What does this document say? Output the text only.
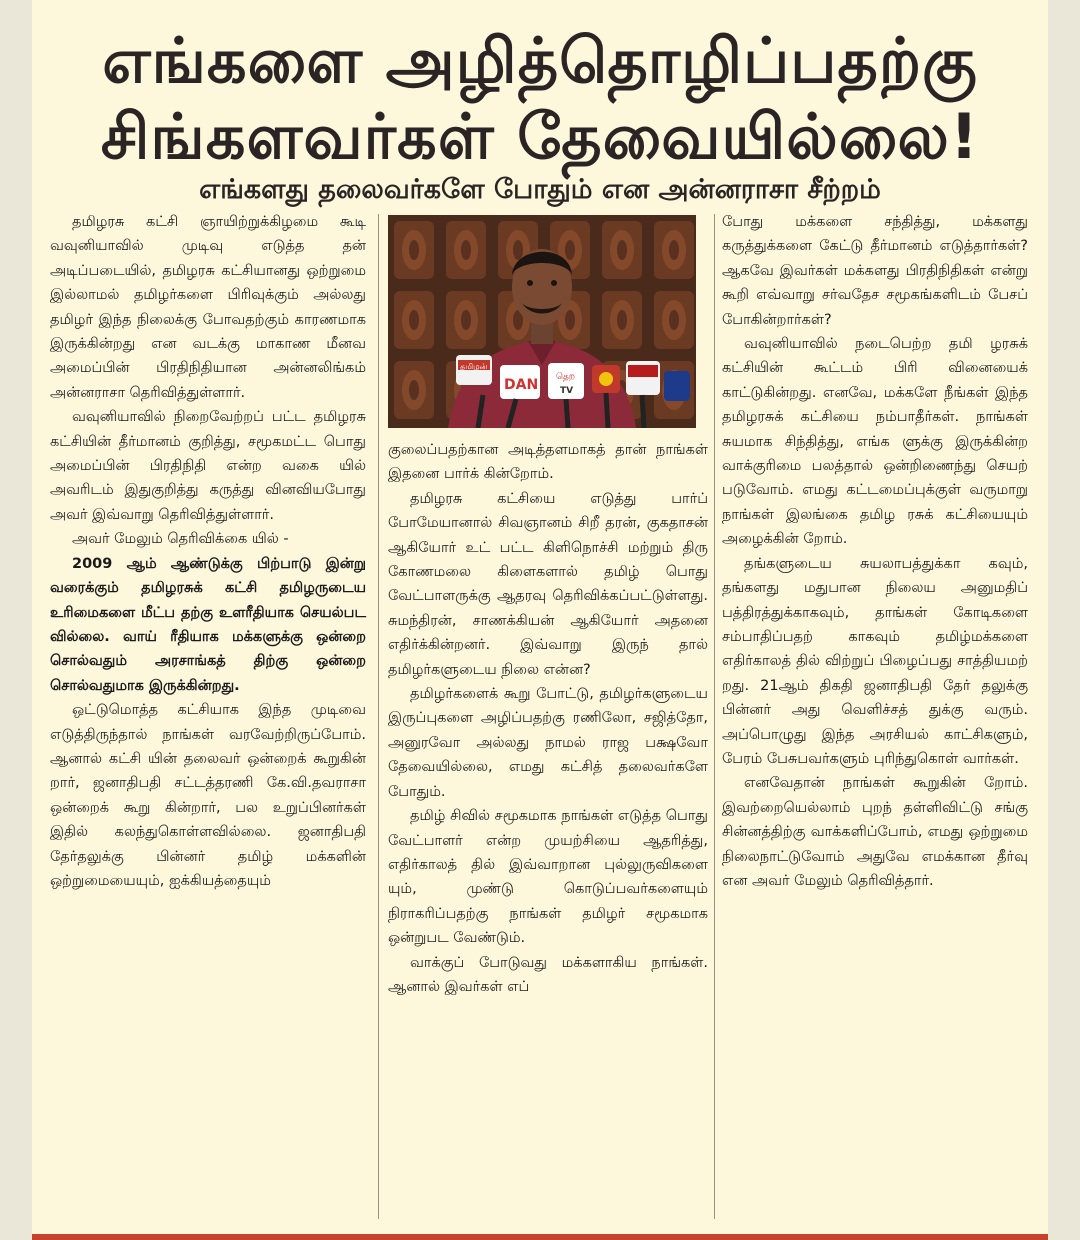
எங்களை அழித்தொழிப்பதற்கு
சிங்களவர்கள் தேவையில்லை!
எங்களது தலைவர்களே போதும் என அன்னராசா சீற்றம்

தமிழரசு கட்சி ஞாயிற்றுக்கிழமை கூடி வவுனியாவில் முடிவு எடுத்த தன் அடிப்படையில், தமிழரசு கட்சியானது ஒற்றுமை இல்லாமல் தமிழர்களை பிரிவுக்கும் அல்லது தமிழர் இந்த நிலைக்கு போவதற்கும் காரணமாக இருக்கின்றது என வடக்கு மாகாண மீனவ அமைப்பின் பிரதிநிதியான அன்னலிங்கம் அன்னராசா தெரிவித்துள்ளார்.

வவுனியாவில் நிறைவேற்றப் பட்ட தமிழரசு கட்சியின் தீர்மானம் குறித்து, சமூகமட்ட பொது அமைப்பின் பிரதிநிதி என்ற வகை யில் அவரிடம் இதுகுறித்து கருத்து வினவியபோது அவர் இவ்வாறு தெரிவித்துள்ளார்.

அவர் மேலும் தெரிவிக்கை யில் -

2009 ஆம் ஆண்டுக்கு பிற்பாடு இன்று வரைக்கும் தமிழரசுக் கட்சி தமிழருடைய உரிமைகளை மீட்ப தற்கு உளரீதியாக செயல்பட வில்லை. வாய் ரீதியாக மக்களுக்கு ஒன்றை சொல்வதும் அரசாங்கத் திற்கு ஒன்றை சொல்வதுமாக இருக்கின்றது.

ஒட்டுமொத்த கட்சியாக இந்த முடிவை எடுத்திருந்தால் நாங்கள் வரவேற்றிருப்போம். ஆனால் கட்சி யின் தலைவர் ஒன்றைக் கூறுகின் றார், ஜனாதிபதி சட்டத்தரணி கே.வி.தவராசா ஒன்றைக் கூறு கின்றார், பல உறுப்பினர்கள் இதில் கலந்துகொள்ளவில்லை. ஜனாதிபதி தேர்தலுக்கு பின்னர் தமிழ் மக்களின் ஒற்றுமையையும், ஐக்கியத்தையும்

தமிழன்
DAN தெற
TV

குலைப்பதற்கான அடித்தளமாகத் தான் நாங்கள் இதனை பார்க் கின்றோம்.

தமிழரசு கட்சியை எடுத்து பார்ப் போமேயானால் சிவஞானம் சிறீ தரன், குகதாசன் ஆகியோர் உட் பட்ட கிளிநொச்சி மற்றும் திரு கோணமலை கிளைகளால் தமிழ் பொது வேட்பாளருக்கு ஆதரவு தெரிவிக்கப்பட்டுள்ளது. சுமந்திரன், சாணக்கியன் ஆகியோர் அதனை எதிர்க்கின்றனர். இவ்வாறு இருந் தால் தமிழர்களுடைய நிலை என்ன?

தமிழர்களைக் கூறு போட்டு, தமிழர்களுடைய இருப்புகளை அழிப்பதற்கு ரணிலோ, சஜித்தோ, அனுரவோ அல்லது நாமல் ராஜ பக்ஷவோ தேவையில்லை, எமது கட்சித் தலைவர்களே போதும்.

தமிழ் சிவில் சமூகமாக நாங்கள் எடுத்த பொது வேட்பாளர் என்ற முயற்சியை ஆதரித்து, எதிர்காலத் தில் இவ்வாறான புல்லுருவிகளை யும், முண்டு கொடுப்பவர்களையும் நிராகரிப்பதற்கு நாங்கள் தமிழர் சமூகமாக ஒன்றுபட வேண்டும்.

வாக்குப் போடுவது மக்களாகிய நாங்கள். ஆனால் இவர்கள் எப்

போது மக்களை சந்தித்து, மக்களது கருத்துக்களை கேட்டு தீர்மானம் எடுத்தார்கள்? ஆகவே இவர்கள் மக்களது பிரதிநிதிகள் என்று கூறி எவ்வாறு சர்வதேச சமூகங்களிடம் பேசப் போகின்றார்கள்?

வவுனியாவில் நடைபெற்ற தமி ழரசுக் கட்சியின் கூட்டம் பிரி வினையைக் காட்டுகின்றது. எனவே, மக்களே நீங்கள் இந்த தமிழரசுக் கட்சியை நம்பாதீர்கள். நாங்கள் சுயமாக சிந்தித்து, எங்க ளுக்கு இருக்கின்ற வாக்குரிமை பலத்தால் ஒன்றிணைந்து செயற் படுவோம். எமது கட்டமைப்புக்குள் வருமாறு நாங்கள் இலங்கை தமிழ ரசுக் கட்சியையும் அழைக்கின் றோம்.

தங்களுடைய சுயலாபத்துக்கா கவும், தங்களது மதுபான நிலைய அனுமதிப் பத்திரத்துக்காகவும், தாங்கள் கோடிகளை சம்பாதிப்பதற் காகவும் தமிழ்மக்களை எதிர்காலத் தில் விற்றுப் பிழைப்பது சாத்தியமற் றது. 21ஆம் திகதி ஜனாதிபதி தேர் தலுக்கு பின்னர் அது வெளிச்சத் துக்கு வரும். அப்பொழுது இந்த அரசியல் காட்சிகளும், பேரம் பேசுபவர்களும் புரிந்துகொள் வார்கள்.

எனவேதான் நாங்கள் கூறுகின் றோம். இவற்றையெல்லாம் புறந் தள்ளிவிட்டு சங்கு சின்னத்திற்கு வாக்களிப்போம், எமது ஒற்றுமை நிலைநாட்டுவோம் அதுவே எமக்கான தீர்வு என அவர் மேலும் தெரிவித்தார்.
